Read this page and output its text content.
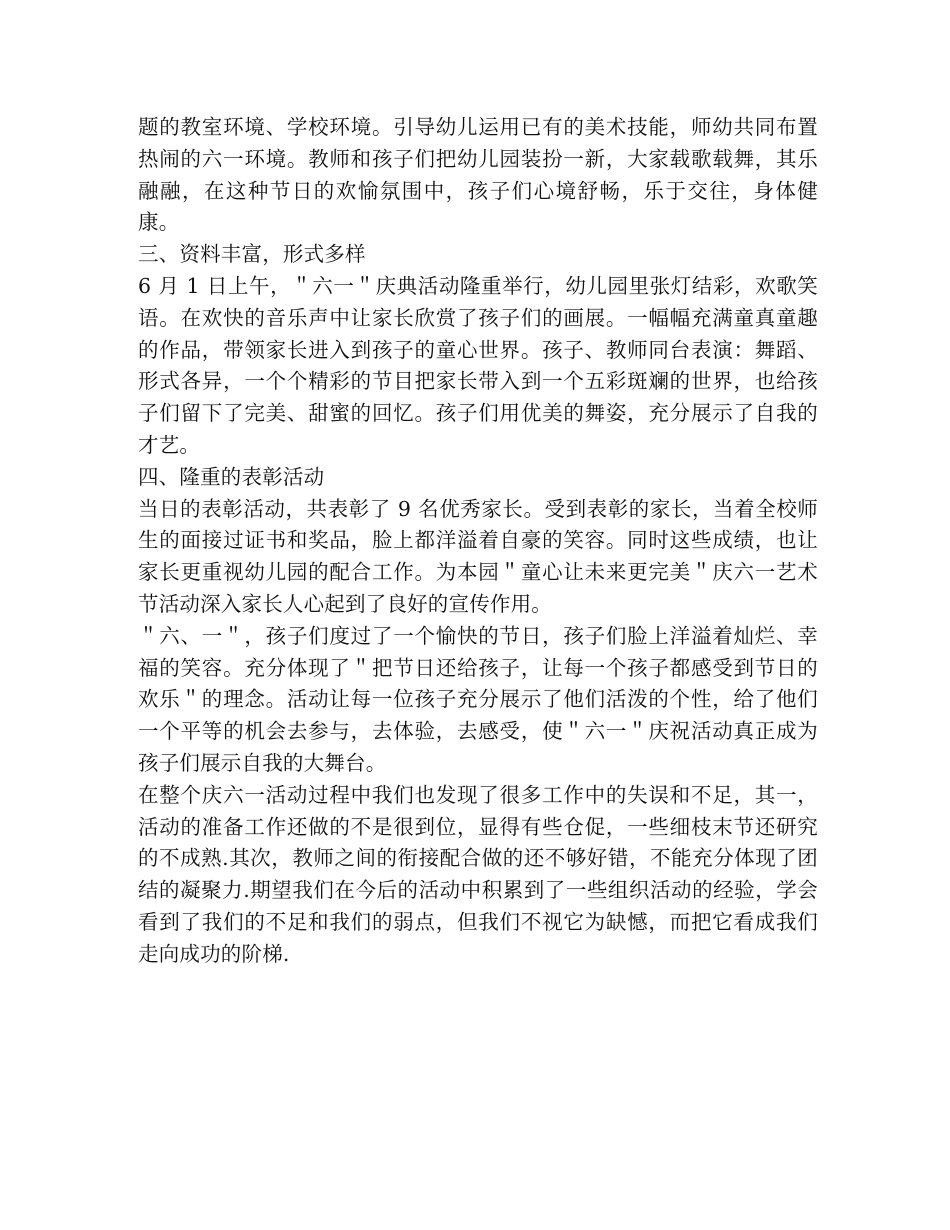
题的教室环境、学校环境。引导幼儿运用已有的美术技能，师幼共同布置热闹的六一环境。教师和孩子们把幼儿园装扮一新，大家载歌载舞，其乐融融，在这种节日的欢愉氛围中，孩子们心境舒畅，乐于交往，身体健康。

三、资料丰富，形式多样

6 月 1 日上午，＂六一＂庆典活动隆重举行，幼儿园里张灯结彩，欢歌笑语。在欢快的音乐声中让家长欣赏了孩子们的画展。一幅幅充满童真童趣的作品，带领家长进入到孩子的童心世界。孩子、教师同台表演：舞蹈、形式各异，一个个精彩的节目把家长带入到一个五彩斑斓的世界，也给孩子们留下了完美、甜蜜的回忆。孩子们用优美的舞姿，充分展示了自我的才艺。

四、隆重的表彰活动

当日的表彰活动，共表彰了 9 名优秀家长。受到表彰的家长，当着全校师生的面接过证书和奖品，脸上都洋溢着自豪的笑容。同时这些成绩，也让家长更重视幼儿园的配合工作。为本园＂童心让未来更完美＂庆六一艺术节活动深入家长人心起到了良好的宣传作用。

＂六、一＂，孩子们度过了一个愉快的节日，孩子们脸上洋溢着灿烂、幸福的笑容。充分体现了＂把节日还给孩子，让每一个孩子都感受到节日的欢乐＂的理念。活动让每一位孩子充分展示了他们活泼的个性，给了他们一个平等的机会去参与，去体验，去感受，使＂六一＂庆祝活动真正成为孩子们展示自我的大舞台。

在整个庆六一活动过程中我们也发现了很多工作中的失误和不足，其一，活动的准备工作还做的不是很到位，显得有些仓促，一些细枝末节还研究的不成熟.其次，教师之间的衔接配合做的还不够好错，不能充分体现了团结的凝聚力.期望我们在今后的活动中积累到了一些组织活动的经验，学会看到了我们的不足和我们的弱点，但我们不视它为缺憾，而把它看成我们走向成功的阶梯.
